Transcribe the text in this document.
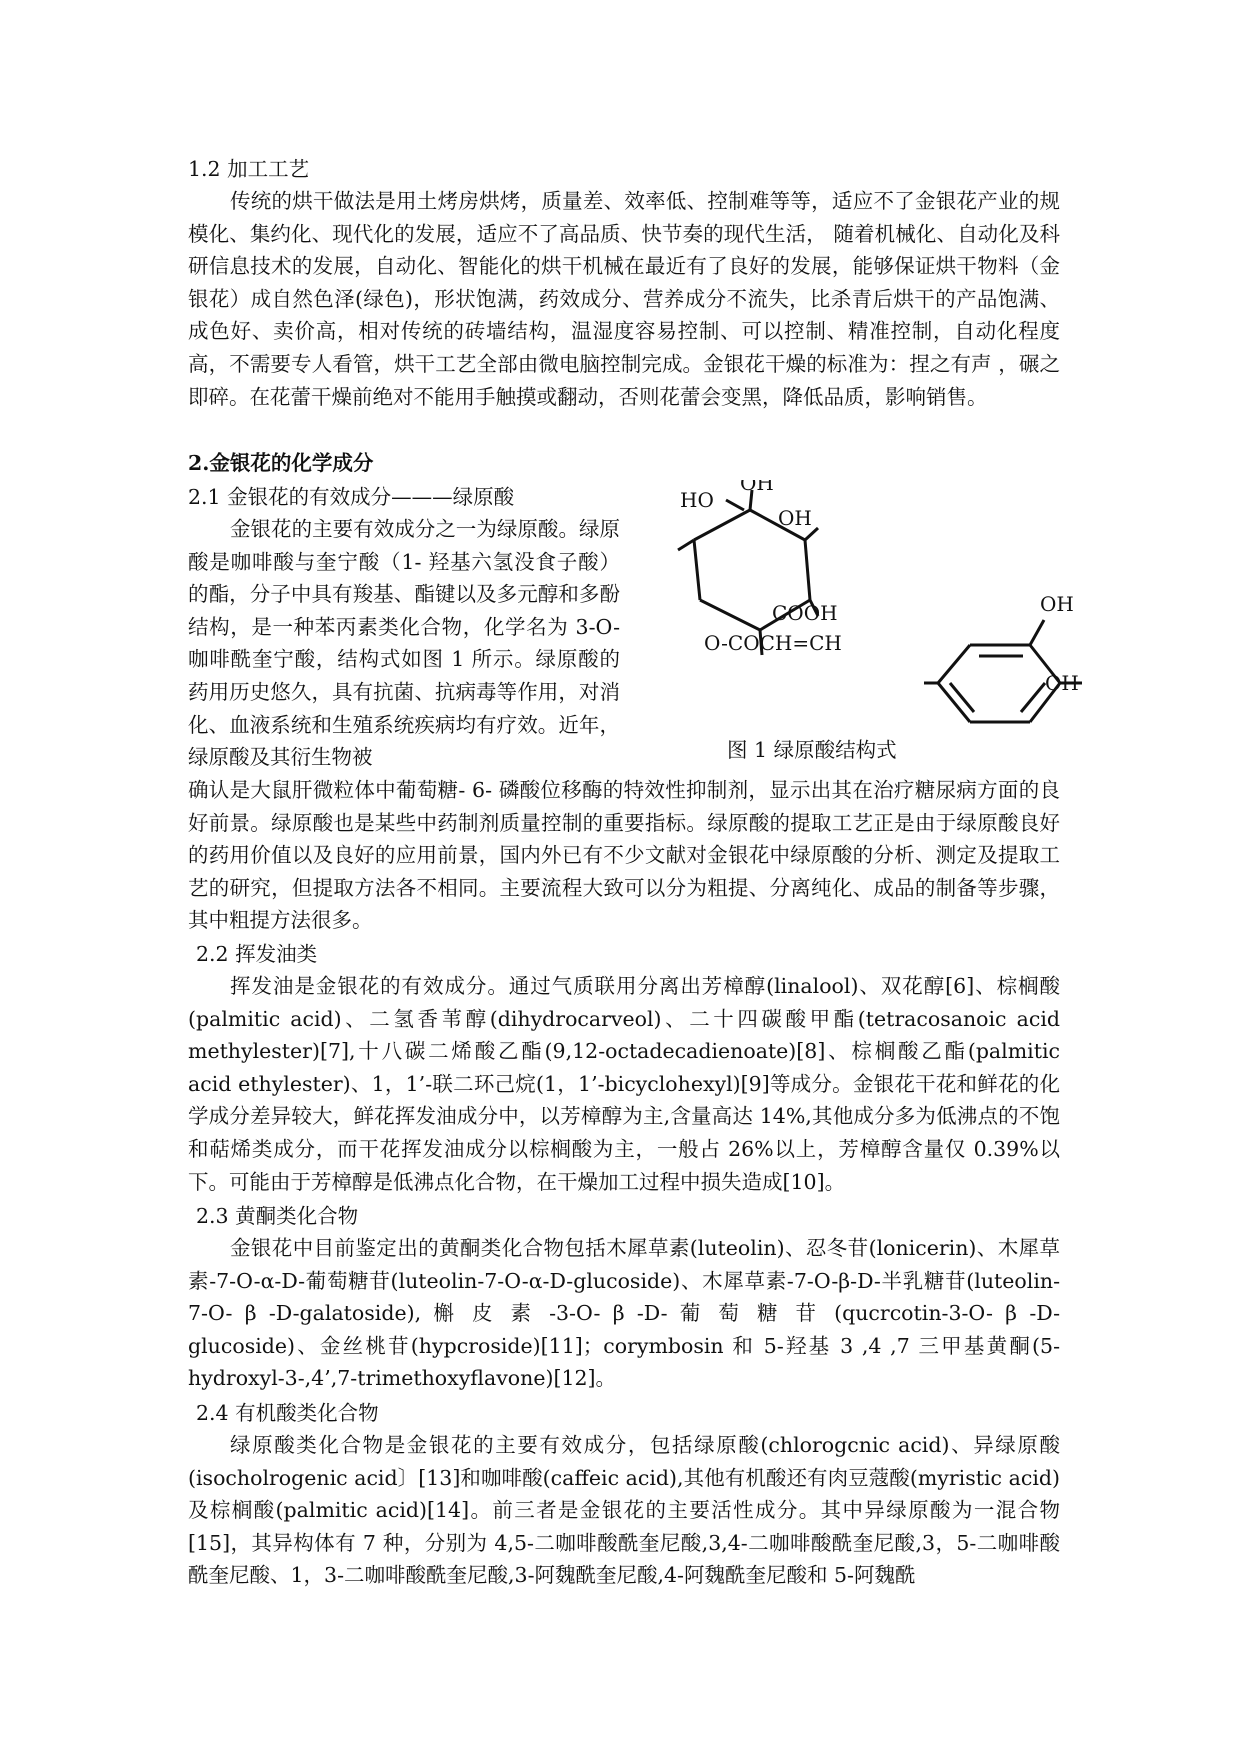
1.2 加工工艺

传统的烘干做法是用土烤房烘烤，质量差、效率低、控制难等等，适应不了金银花产业的规模化、集约化、现代化的发展，适应不了高品质、快节奏的现代生活， 随着机械化、自动化及科研信息技术的发展，自动化、智能化的烘干机械在最近有了良好的发展，能够保证烘干物料（金银花）成自然色泽(绿色)，形状饱满，药效成分、营养成分不流失，比杀青后烘干的产品饱满、成色好、卖价高，相对传统的砖墙结构，温湿度容易控制、可以控制、精准控制，自动化程度高，不需要专人看管，烘干工艺全部由微电脑控制完成。金银花干燥的标准为：捏之有声 ，碾之即碎。在花蕾干燥前绝对不能用手触摸或翻动，否则花蕾会变黑，降低品质，影响销售。

2.金银花的化学成分
2.1 金银花的有效成分———绿原酸

金银花的主要有效成分之一为绿原酸。绿原酸是咖啡酸与奎宁酸（1- 羟基六氢没食子酸）的酯，分子中具有羧基、酯键以及多元醇和多酚结构，是一种苯丙素类化合物，化学名为 3-O- 咖啡酰奎宁酸，结构式如图 1 所示。绿原酸的药用历史悠久，具有抗菌、抗病毒等作用，对消化、血液系统和生殖系统疾病均有疗效。近年，绿原酸及其衍生物被

OH
HO
OH
COOH
O-COCH=CH
OH
OH
图 1 绿原酸结构式

确认是大鼠肝微粒体中葡萄糖- 6- 磷酸位移酶的特效性抑制剂，显示出其在治疗糖尿病方面的良好前景。绿原酸也是某些中药制剂质量控制的重要指标。绿原酸的提取工艺正是由于绿原酸良好的药用价值以及良好的应用前景，国内外已有不少文献对金银花中绿原酸的分析、测定及提取工艺的研究，但提取方法各不相同。主要流程大致可以分为粗提、分离纯化、成品的制备等步骤，其中粗提方法很多。

2.2 挥发油类

挥发油是金银花的有效成分。通过气质联用分离出芳樟醇(linalool)、双花醇[6]、棕榈酸(palmitic acid)、二氢香苇醇(dihydrocarveol)、二十四碳酸甲酯(tetracosanoic acid methylester)[7],十八碳二烯酸乙酯(9,12-octadecadienoate)[8]、棕榈酸乙酯(palmitic acid ethylester)、1，1’-联二环己烷(1，1’-bicyclohexyl)[9]等成分。金银花干花和鲜花的化学成分差异较大，鲜花挥发油成分中，以芳樟醇为主,含量高达 14%,其他成分多为低沸点的不饱和萜烯类成分，而干花挥发油成分以棕榈酸为主，一般占 26%以上，芳樟醇含量仅 0.39%以下。可能由于芳樟醇是低沸点化合物，在干燥加工过程中损失造成[10]。

2.3 黄酮类化合物

金银花中目前鉴定出的黄酮类化合物包括木犀草素(luteolin)、忍冬苷(lonicerin)、木犀草素-7-O-α-D-葡萄糖苷(luteolin-7-O-α-D-glucoside)、木犀草素-7-O-β-D-半乳糖苷(luteolin-7-O- β -D-galatoside), 槲 皮 素 -3-O- β -D- 葡 萄 糖 苷 (qucrcotin-3-O- β -D-glucoside)、金丝桃苷(hypcroside)[11]；corymbosin 和 5-羟基 3 ,4 ,7 三甲基黄酮(5-hydroxyl-3-,4’,7-trimethoxyflavone)[12]。

2.4 有机酸类化合物

绿原酸类化合物是金银花的主要有效成分，包括绿原酸(chlorogcnic acid)、异绿原酸(isocholrogenic acid〕[13]和咖啡酸(caffeic acid),其他有机酸还有肉豆蔻酸(myristic acid)及棕榈酸(palmitic acid)[14]。前三者是金银花的主要活性成分。其中异绿原酸为一混合物[15]，其异构体有 7 种，分别为 4,5-二咖啡酸酰奎尼酸,3,4-二咖啡酸酰奎尼酸,3，5-二咖啡酸酰奎尼酸、1，3-二咖啡酸酰奎尼酸,3-阿魏酰奎尼酸,4-阿魏酰奎尼酸和 5-阿魏酰
